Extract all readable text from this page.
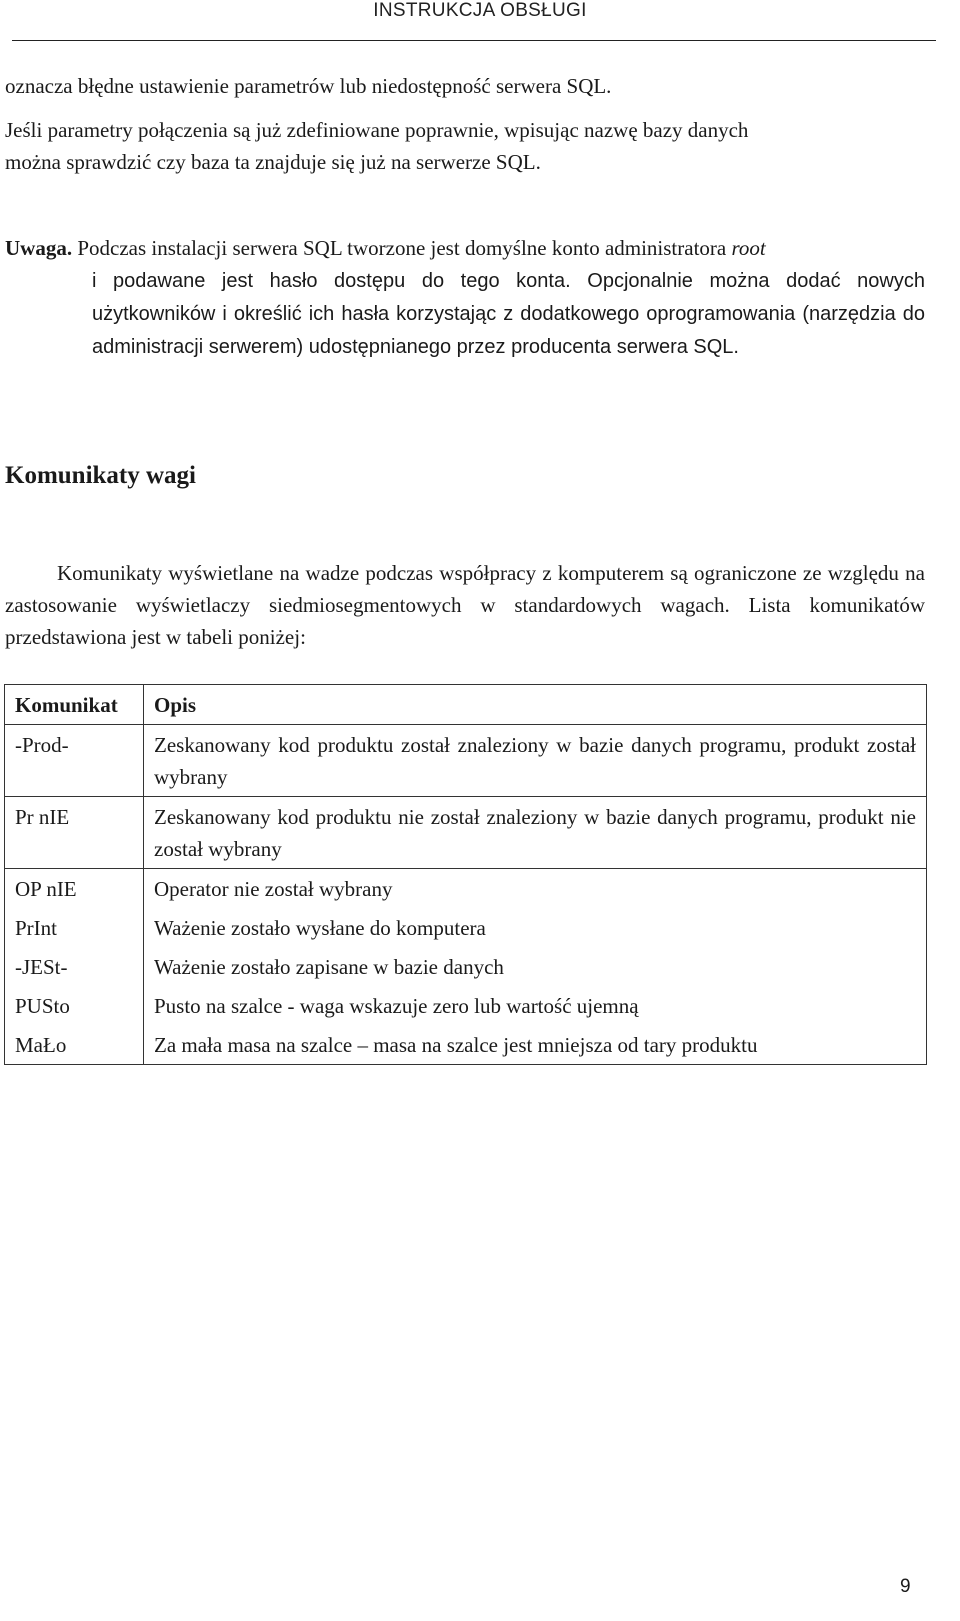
INSTRUKCJA OBSŁUGI

oznacza błędne ustawienie parametrów lub niedostępność serwera SQL.

Jeśli parametry połączenia są już zdefiniowane poprawnie, wpisując nazwę bazy danych
można sprawdzić czy baza ta znajduje się już na serwerze SQL.

Uwaga. Podczas instalacji serwera SQL tworzone jest domyślne konto administratora root
i podawane jest hasło dostępu do tego konta. Opcjonalnie można dodać nowych użytkowników i określić ich hasła korzystając z dodatkowego oprogramowania (narzędzia do administracji serwerem) udostępnianego przez producenta serwera SQL.
Komunikaty wagi

Komunikaty wyświetlane na wadze podczas współpracy z komputerem są ograniczone ze względu na zastosowanie wyświetlaczy siedmiosegmentowych w standardowych wagach. Lista komunikatów przedstawiona jest w tabeli poniżej:

Komunikat	Opis
-Prod-	Zeskanowany kod produktu został znaleziony w bazie danych programu, produkt został wybrany
Pr nIE	Zeskanowany kod produktu nie został znaleziony w bazie danych programu, produkt nie został wybrany
OP nIE	Operator nie został wybrany
PrInt	Ważenie zostało wysłane do komputera
-JESt-	Ważenie zostało zapisane w bazie danych
PUSto	Pusto na szalce - waga wskazuje zero lub wartość ujemną
MaŁo	Za mała masa na szalce – masa na szalce jest mniejsza od tary produktu
9
